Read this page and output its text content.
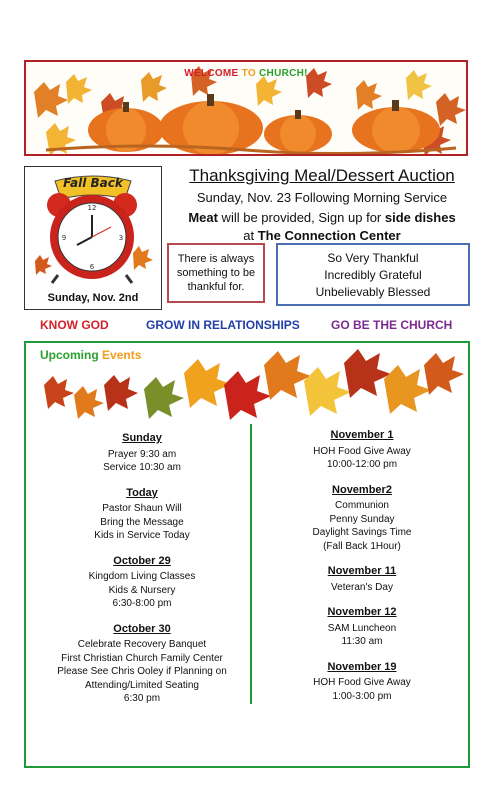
WELCOME TO CHURCH!
Fall Back
12
3
6
9
Sunday, Nov. 2nd
Thanksgiving Meal/Dessert Auction
Sunday, Nov. 23 Following Morning Service
Meat will be provided, Sign up for side dishes
at The Connection Center
There is always
something to be
thankful for.
So Very Thankful
Incredibly Grateful
Unbelievably Blessed
KNOW GOD	GROW IN RELATIONSHIPS	GO BE THE CHURCH
Upcoming Events
Sunday
Prayer 9:30 am
Service 10:30 am
Today
Pastor Shaun Will
Bring the Message
Kids in Service Today
October 29
Kingdom Living Classes
Kids & Nursery
6:30-8:00 pm
October 30
Celebrate Recovery Banquet
First Christian Church Family Center
Please See Chris Ooley if Planning on
Attending/Limited Seating
6:30 pm
November 1
HOH Food Give Away
10:00-12:00 pm
November2
Communion
Penny Sunday
Daylight Savings Time
(Fall Back 1Hour)
November 11
Veteran's Day
November 12
SAM Luncheon
11:30 am
November 19
HOH Food Give Away
1:00-3:00 pm
